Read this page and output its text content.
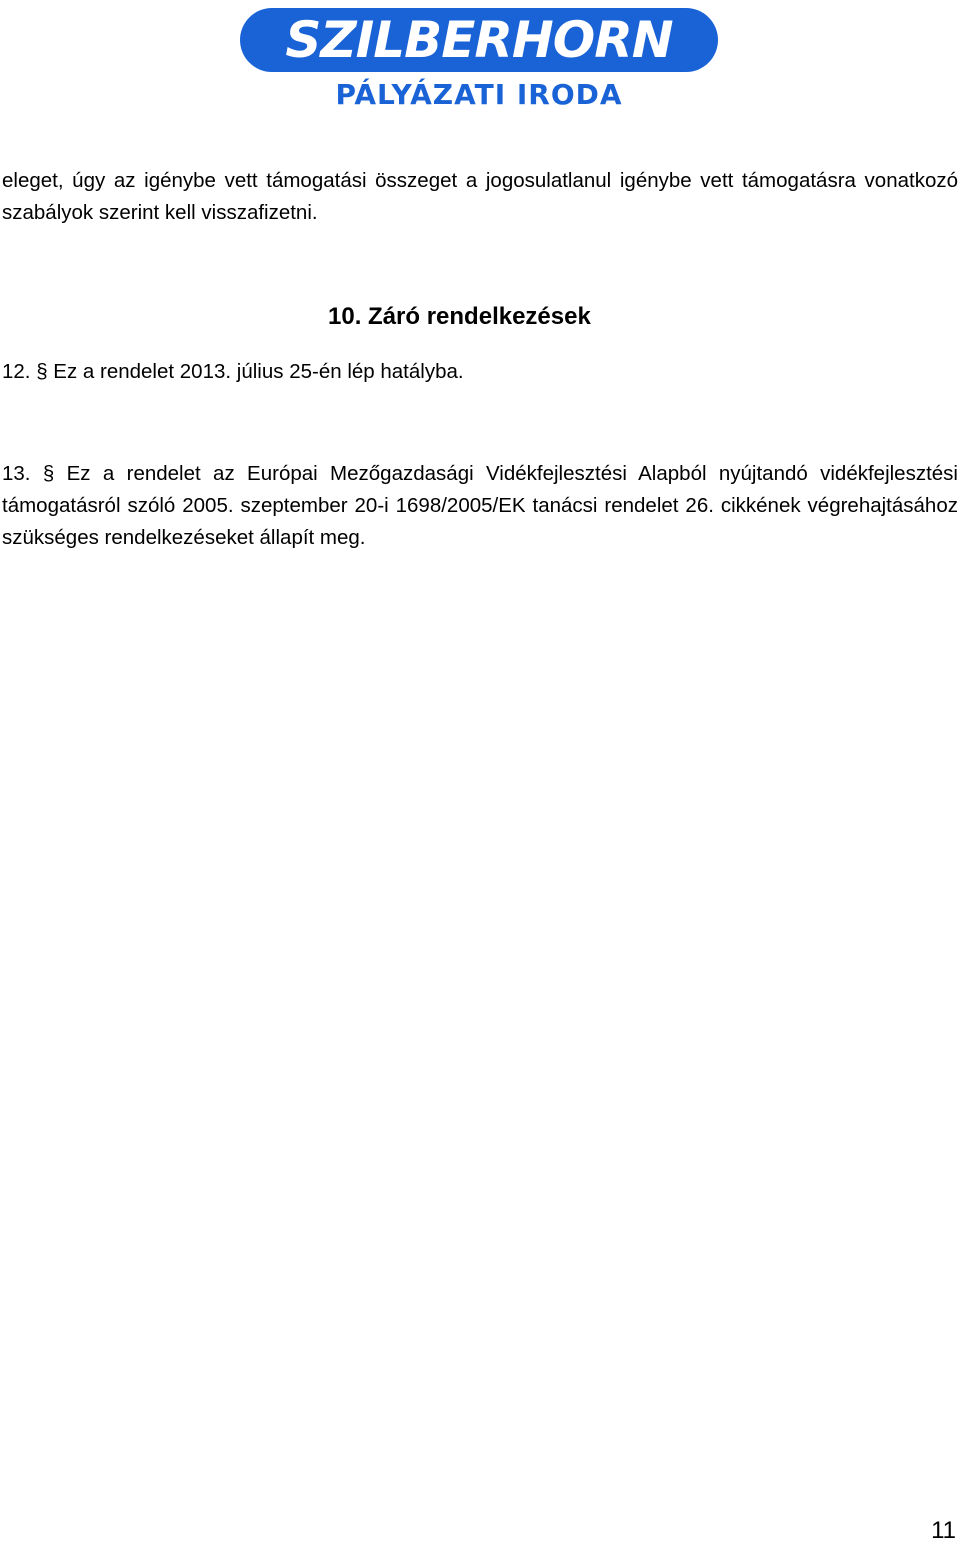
SZILBERHORN
PÁLYÁZATI IRODA

eleget, úgy az igénybe vett támogatási összeget a jogosulatlanul igénybe vett támogatásra vonatkozó szabályok szerint kell visszafizetni.

10. Záró rendelkezések

12. § Ez a rendelet 2013. július 25-én lép hatályba.

13. § Ez a rendelet az Európai Mezőgazdasági Vidékfejlesztési Alapból nyújtandó vidékfejlesztési támogatásról szóló 2005. szeptember 20-i 1698/2005/EK tanácsi rendelet 26. cikkének végrehajtásához szükséges rendelkezéseket állapít meg.

11
